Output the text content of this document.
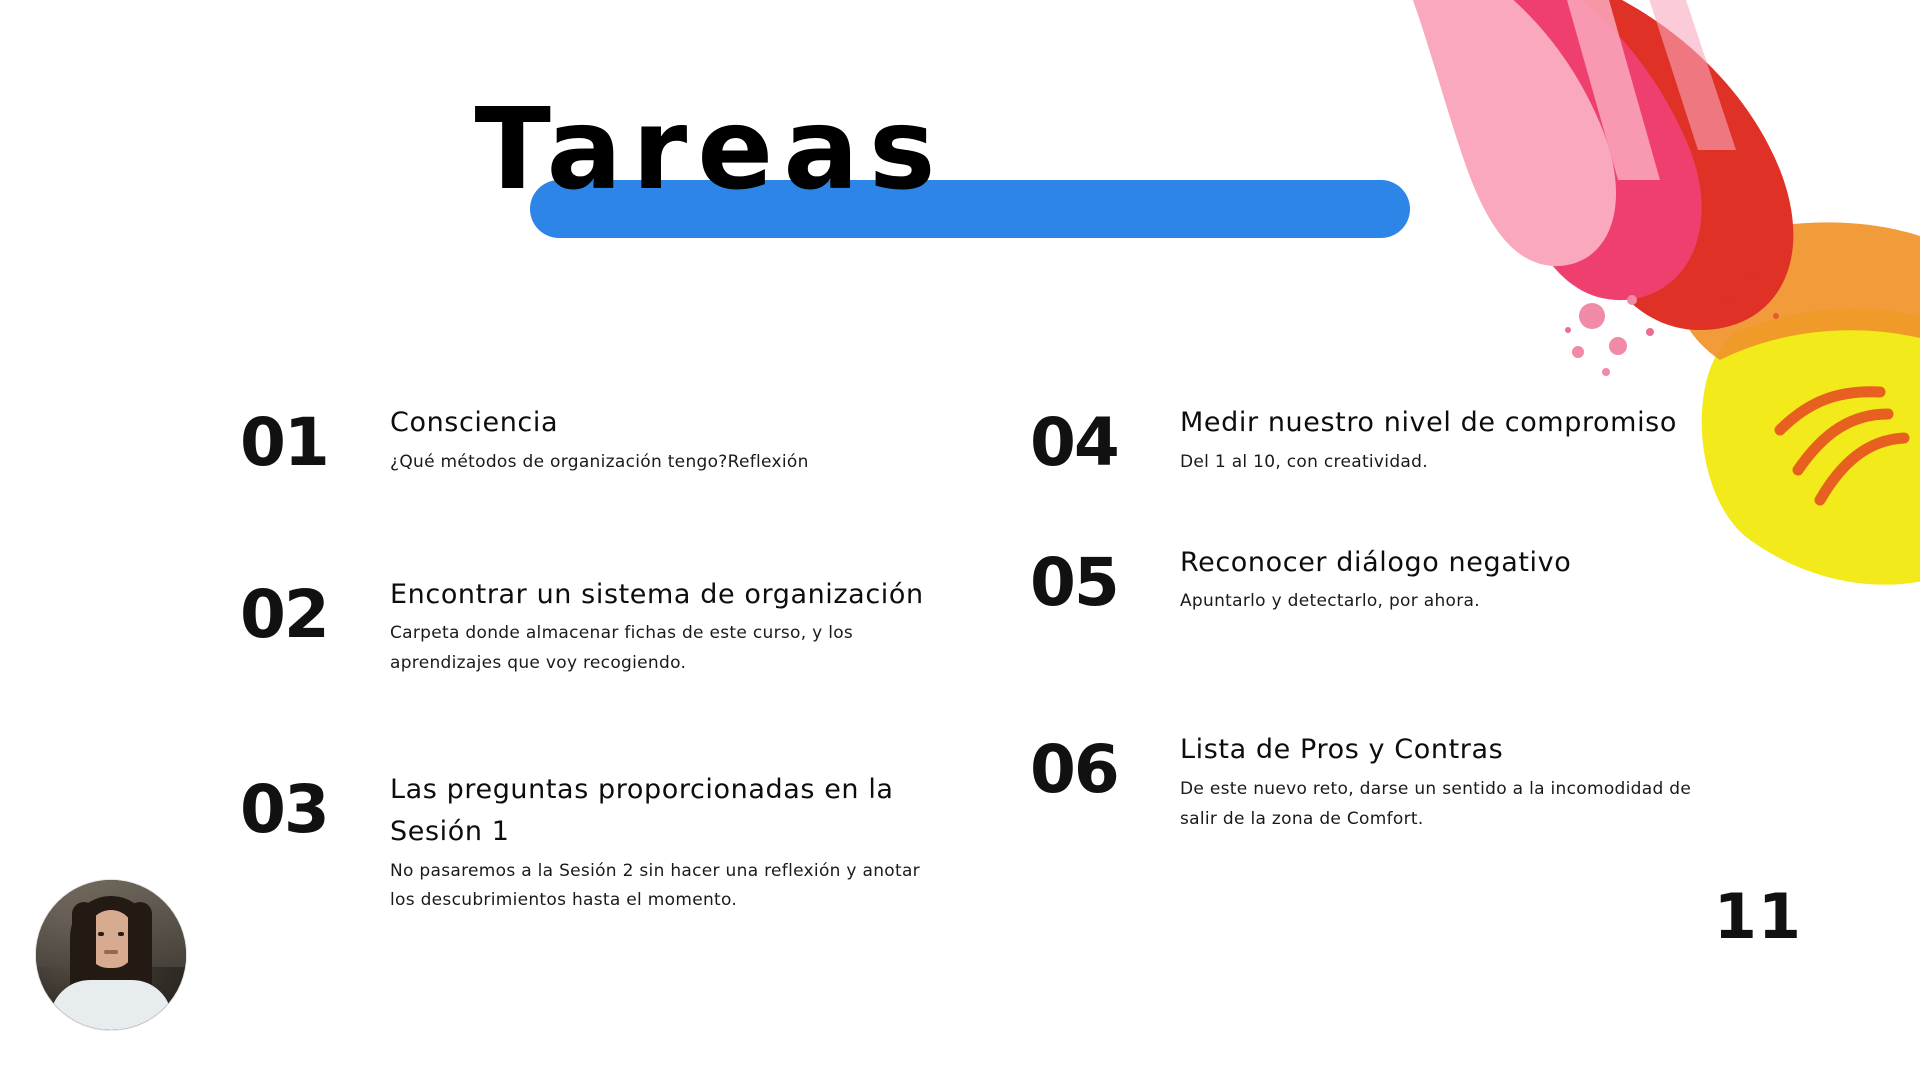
Tareas
01	Consciencia
¿Qué métodos de organización tengo?Reflexión
02	Encontrar un sistema de organización
Carpeta donde almacenar fichas de este curso, y los aprendizajes que voy recogiendo.
03	Las preguntas proporcionadas en la Sesión 1
No pasaremos a la Sesión 2 sin hacer una reflexión y anotar los descubrimientos hasta el momento.
04	Medir nuestro nivel de compromiso
Del 1 al 10, con creatividad.
05	Reconocer diálogo negativo
Apuntarlo y detectarlo, por ahora.
06	Lista de Pros y Contras
De este nuevo reto, darse un sentido a la incomodidad de salir de la zona de Comfort.
11
